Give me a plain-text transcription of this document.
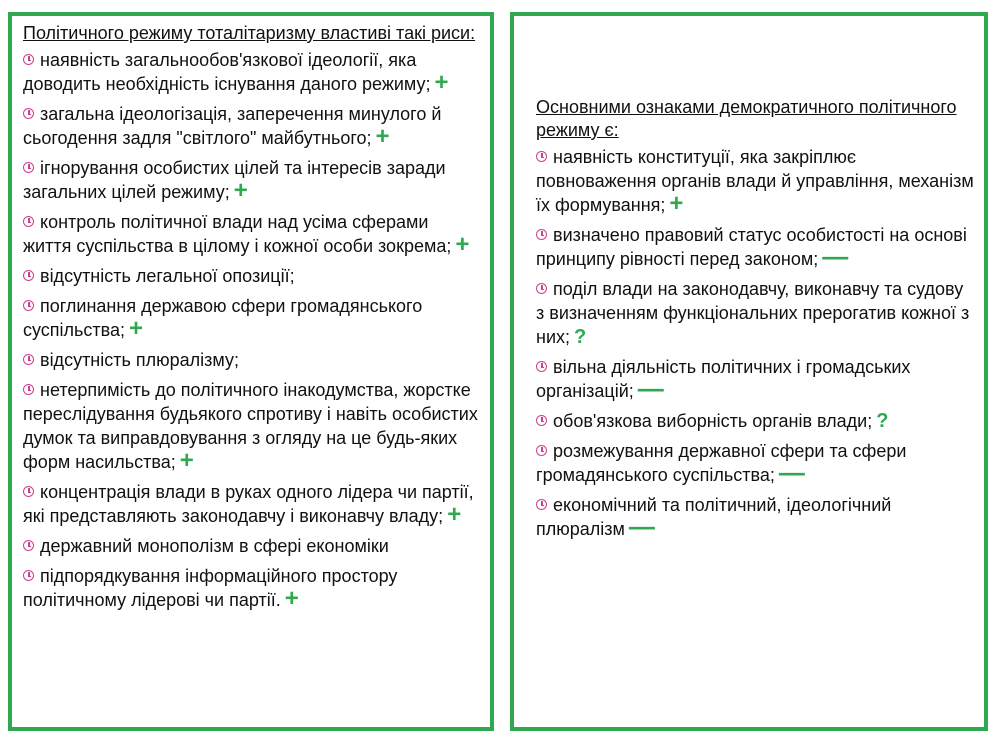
Політичного режиму тоталітаризму властиві такі риси:
наявність загальнообов'язкової ідеології, яка доводить необхідність існування даного режиму; +
загальна ідеологізація, заперечення минулого й сьогодення задля "світлого" майбутнього; +
ігнорування особистих цілей та інтересів заради загальних цілей режиму; +
контроль політичної влади над усіма сферами життя суспільства в цілому і кожної особи зокрема; +
відсутність легальної опозиції;
поглинання державою сфери громадянського суспільства; +
відсутність плюралізму;
нетерпимість до політичного інакодумства, жорстке переслідування будьякого спротиву і навіть особистих думок та виправдовування з огляду на це будь-яких форм насильства; +
концентрація влади в руках одного лідера чи партії, які представляють законодавчу і виконавчу владу; +
державний монополізм в сфері економіки
підпорядкування інформаційного простору політичному лідерові чи партії. +
Основними ознаками демократичного політичного режиму є:
наявність конституції, яка закріплює повноваження органів влади й управління, механізм їх формування; +
визначено правовий статус особистості на основі принципу рівності перед законом; —
поділ влади на законодавчу, виконавчу та судову з визначенням функціональних прерогатив кожної з них; ?
вільна діяльність політичних і громадських організацій; —
обов'язкова виборність органів влади; ?
розмежування державної сфери та сфери громадянського суспільства; —
економічний та політичний, ідеологічний плюралізм —
